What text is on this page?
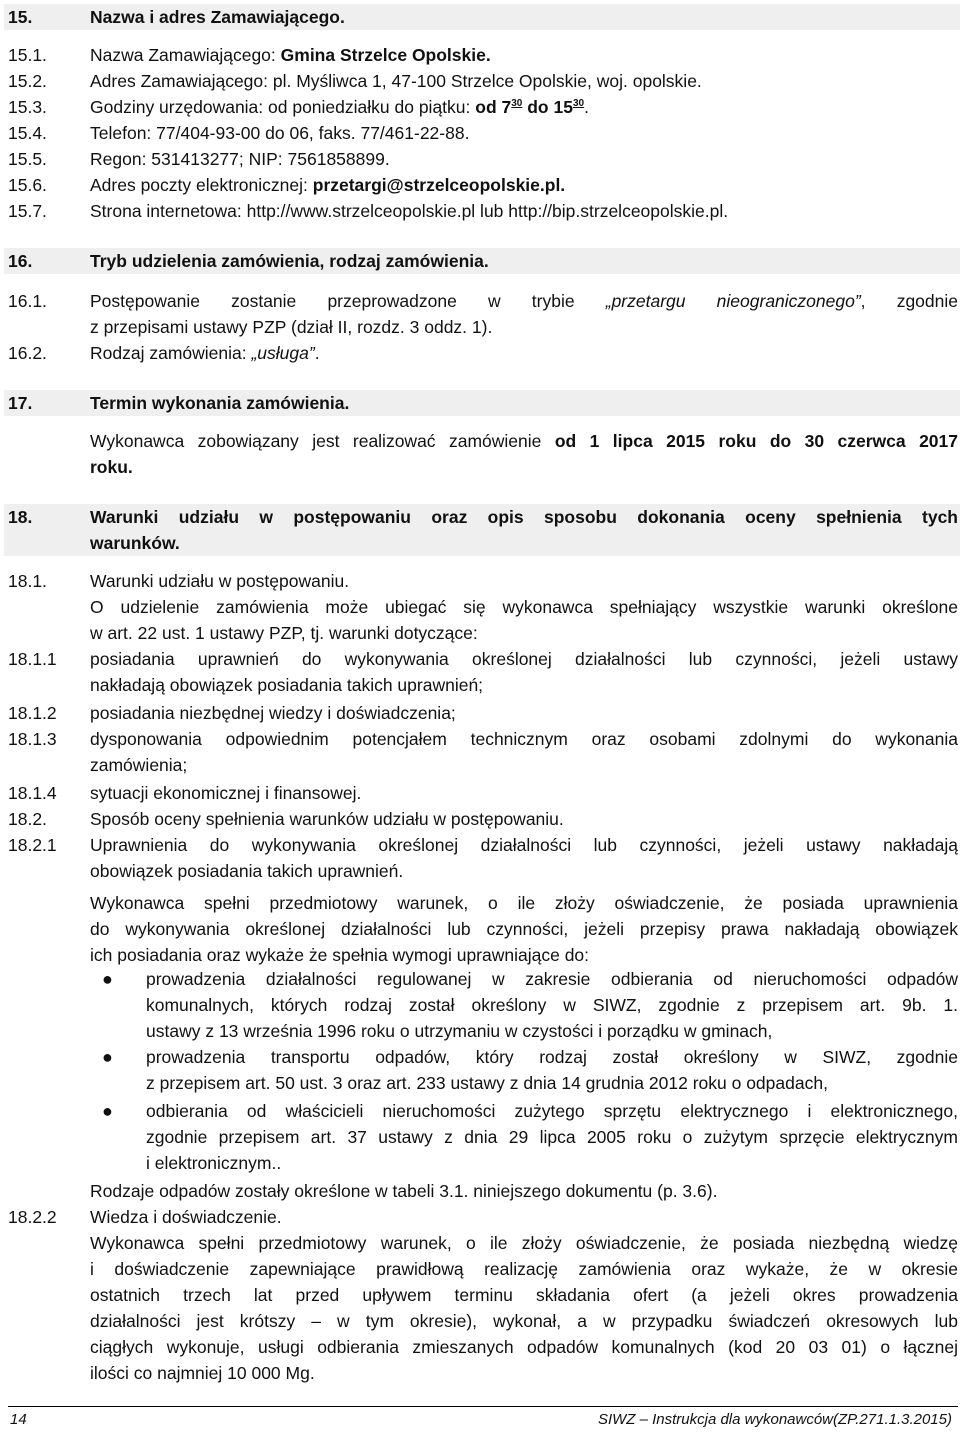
15.	Nazwa i adres Zamawiającego.
15.1. Nazwa Zamawiającego: Gmina Strzelce Opolskie.
15.2. Adres Zamawiającego: pl. Myśliwca 1, 47-100 Strzelce Opolskie, woj. opolskie.
15.3. Godziny urzędowania: od poniedziałku do piątku: od $7^{30}$ do $15^{30}$.
15.4. Telefon: 77/404-93-00 do 06, faks. 77/461-22-88.
15.5. Regon: 531413277; NIP: 7561858899.
15.6. Adres poczty elektronicznej: przetargi@strzelceopolskie.pl.
15.7. Strona internetowa: http://www.strzelceopolskie.pl lub http://bip.strzelceopolskie.pl.
16.	Tryb udzielenia zamówienia, rodzaj zamówienia.
16.1. Postępowanie zostanie przeprowadzone w trybie „przetargu nieograniczonego”, zgodnie
z przepisami ustawy PZP (dział II, rozdz. 3 oddz. 1).
16.2. Rodzaj zamówienia: „usługa”.
17.	Termin wykonania zamówienia.
Wykonawca zobowiązany jest realizować zamówienie od 1 lipca 2015 roku do 30 czerwca 2017
roku.
18.	Warunki udziału w postępowaniu oraz opis sposobu dokonania oceny spełnienia tych
warunków.
18.1. Warunki udziału w postępowaniu.
O udzielenie zamówienia może ubiegać się wykonawca spełniający wszystkie warunki określone
w art. 22 ust. 1 ustawy PZP, tj. warunki dotyczące:
18.1.1 posiadania uprawnień do wykonywania określonej działalności lub czynności, jeżeli ustawy
nakładają obowiązek posiadania takich uprawnień;
18.1.2 posiadania niezbędnej wiedzy i doświadczenia;
18.1.3 dysponowania odpowiednim potencjałem technicznym oraz osobami zdolnymi do wykonania
zamówienia;
18.1.4 sytuacji ekonomicznej i finansowej.
18.2. Sposób oceny spełnienia warunków udziału w postępowaniu.
18.2.1 Uprawnienia do wykonywania określonej działalności lub czynności, jeżeli ustawy nakładają
obowiązek posiadania takich uprawnień.
Wykonawca spełni przedmiotowy warunek, o ile złoży oświadczenie, że posiada uprawnienia
do wykonywania określonej działalności lub czynności, jeżeli przepisy prawa nakładają obowiązek
ich posiadania oraz wykaże że spełnia wymogi uprawniające do:
● prowadzenia działalności regulowanej w zakresie odbierania od nieruchomości odpadów
komunalnych, których rodzaj został określony w SIWZ, zgodnie z przepisem art. 9b. 1.
ustawy z 13 września 1996 roku o utrzymaniu w czystości i porządku w gminach,
● prowadzenia transportu odpadów, który rodzaj został określony w SIWZ, zgodnie
z przepisem art. 50 ust. 3 oraz art. 233 ustawy z dnia 14 grudnia 2012 roku o odpadach,
● odbierania od właścicieli nieruchomości zużytego sprzętu elektrycznego i elektronicznego,
zgodnie przepisem art. 37 ustawy z dnia 29 lipca 2005 roku o zużytym sprzęcie elektrycznym
i elektronicznym..
Rodzaje odpadów zostały określone w tabeli 3.1. niniejszego dokumentu (p. 3.6).
18.2.2 Wiedza i doświadczenie.
Wykonawca spełni przedmiotowy warunek, o ile złoży oświadczenie, że posiada niezbędną wiedzę
i doświadczenie zapewniające prawidłową realizację zamówienia oraz wykaże, że w okresie
ostatnich trzech lat przed upływem terminu składania ofert (a jeżeli okres prowadzenia
działalności jest krótszy – w tym okresie), wykonał, a w przypadku świadczeń okresowych lub
ciągłych wykonuje, usługi odbierania zmieszanych odpadów komunalnych (kod 20 03 01) o łącznej
ilości co najmniej 10 000 Mg.
14	SIWZ – Instrukcja dla wykonawców(ZP.271.1.3.2015)
